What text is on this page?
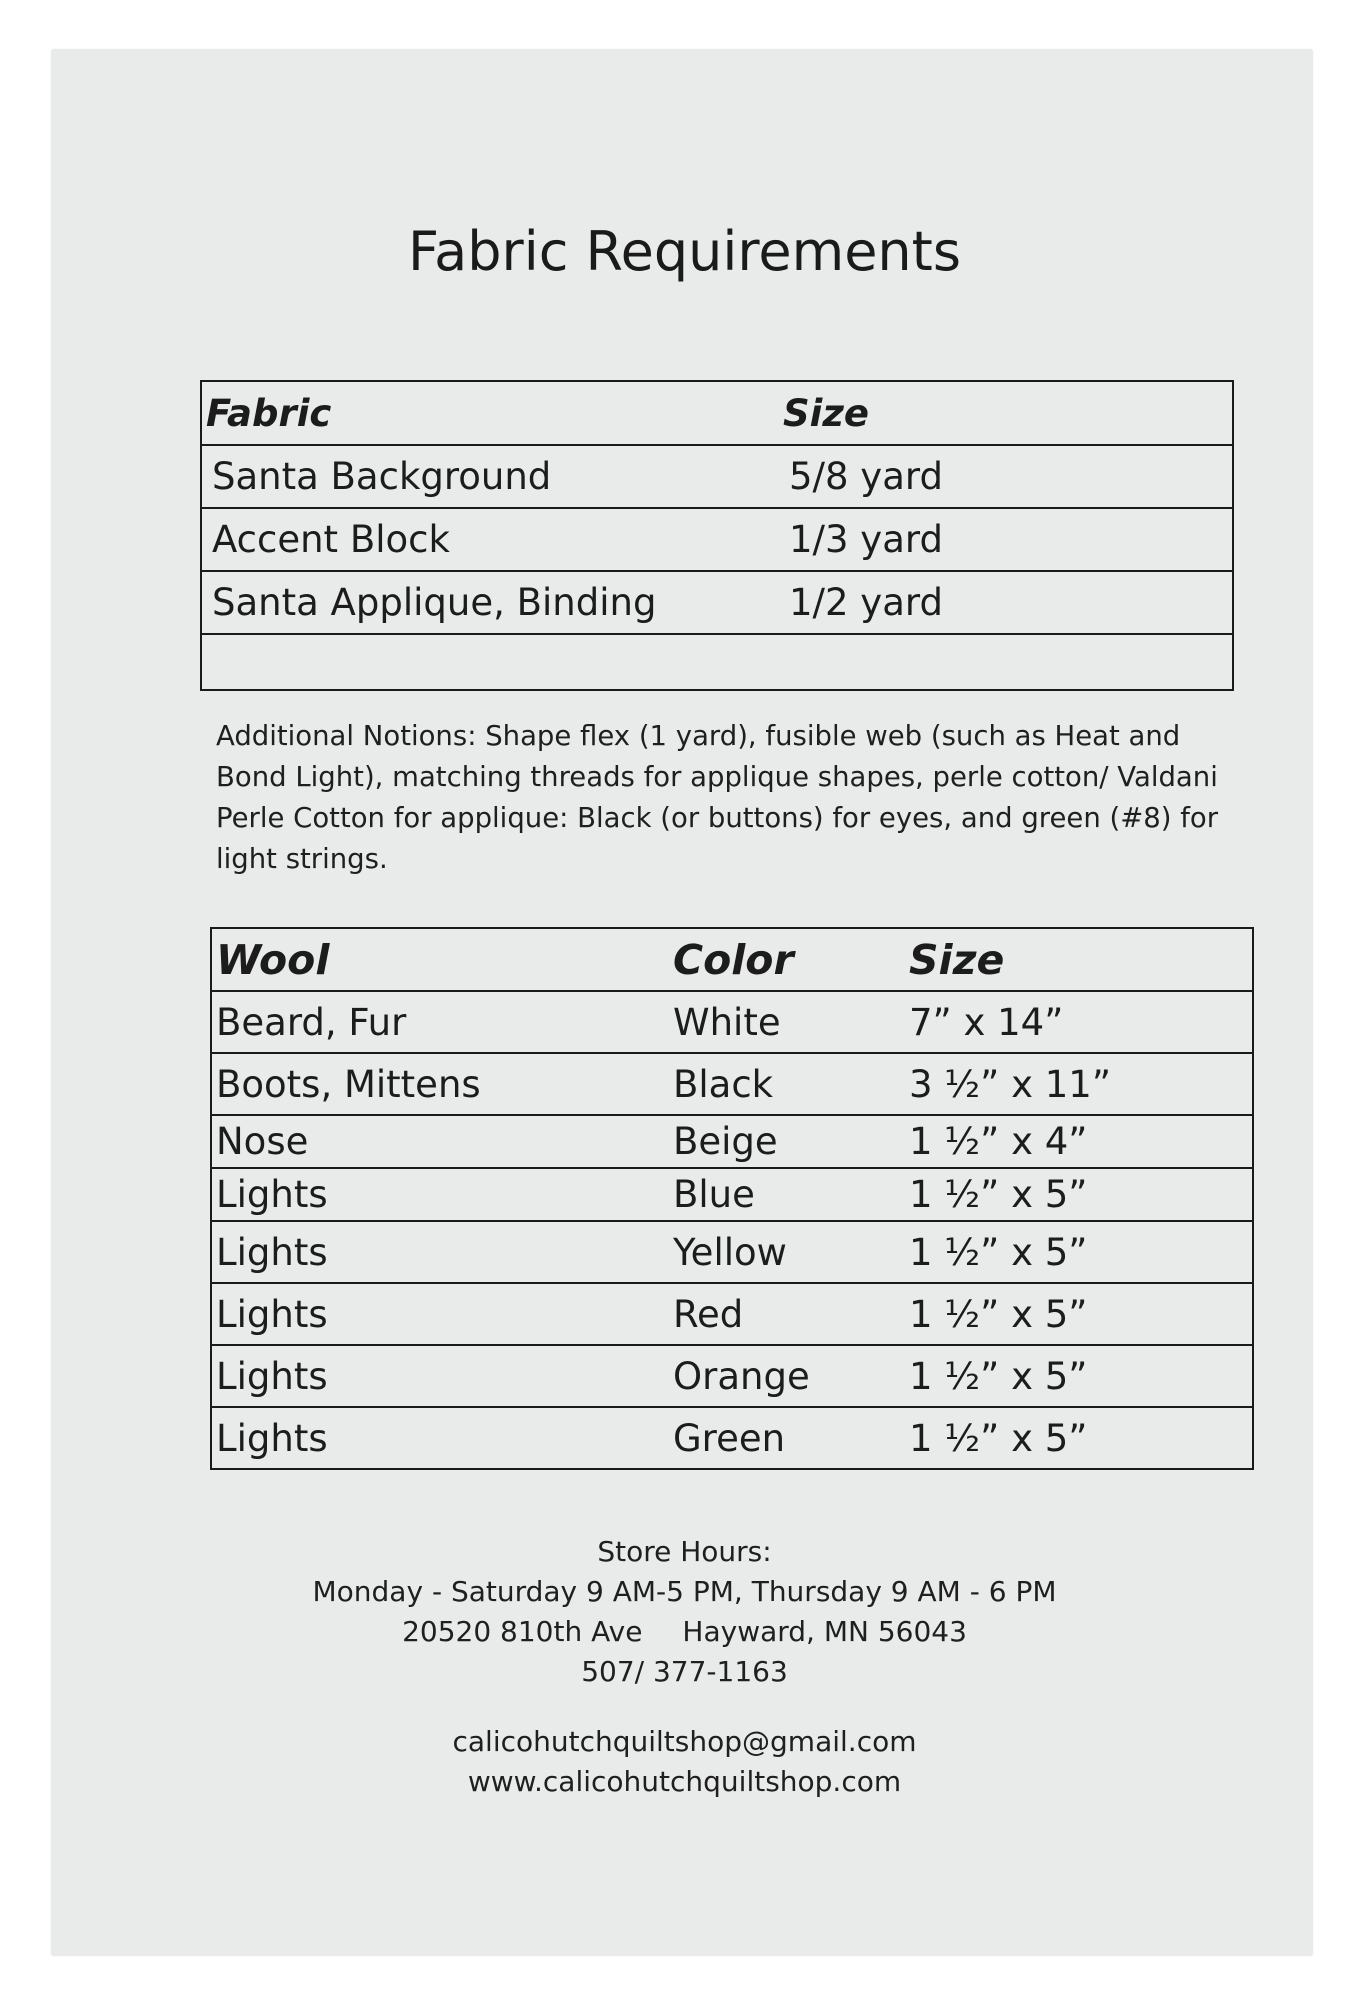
Fabric Requirements
Fabric	Size
Santa Background	5/8 yard
Accent Block	1/3 yard
Santa Applique, Binding	1/2 yard

Additional Notions: Shape flex (1 yard), fusible web (such as Heat and Bond Light), matching threads for applique shapes, perle cotton/ Valdani Perle Cotton for applique: Black (or buttons) for eyes, and green (#8) for light strings.
Wool	Color	Size
Beard, Fur	White	7” x 14”
Boots, Mittens	Black	3 ½” x 11”
Nose	Beige	1 ½” x 4”
Lights	Blue	1 ½” x 5”
Lights	Yellow	1 ½” x 5”
Lights	Red	1 ½” x 5”
Lights	Orange	1 ½” x 5”
Lights	Green	1 ½” x 5”
Store Hours:
Monday - Saturday 9 AM-5 PM, Thursday 9 AM - 6 PM
20520 810th Ave Hayward, MN 56043
507/ 377-1163
calicohutchquiltshop@gmail.com
www.calicohutchquiltshop.com
